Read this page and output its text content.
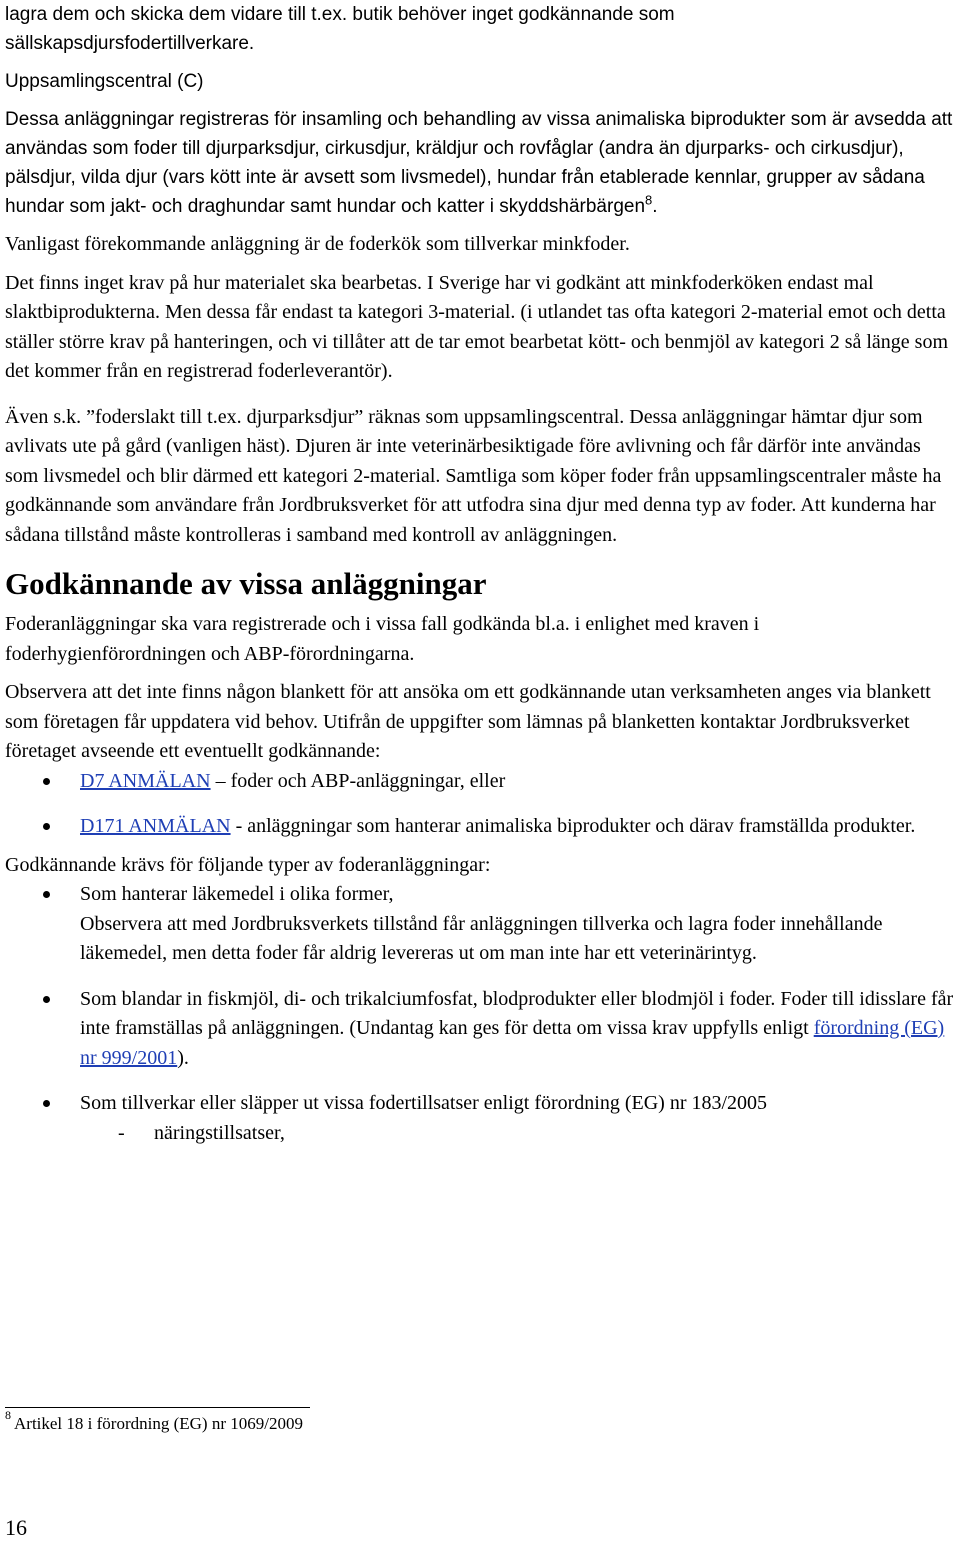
lagra dem och skicka dem vidare till t.ex. butik behöver inget godkännande som

sällskapsdjursfodertillverkare.

Uppsamlingscentral (C)

Dessa anläggningar registreras för insamling och behandling av vissa animaliska biprodukter som är avsedda att användas som foder till djurparksdjur, cirkusdjur, kräldjur och rovfåglar (andra än djurparks- och cirkusdjur), pälsdjur, vilda djur (vars kött inte är avsett som livsmedel), hundar från etablerade kennlar, grupper av sådana hundar som jakt- och draghundar samt hundar och katter i skyddshärbärgen$^8$.

Vanligast förekommande anläggning är de foderkök som tillverkar minkfoder.

Det finns inget krav på hur materialet ska bearbetas. I Sverige har vi godkänt att minkfoderköken endast mal slaktbiprodukterna. Men dessa får endast ta kategori 3-material. (i utlandet tas ofta kategori 2-material emot och detta ställer större krav på hanteringen, och vi tillåter att de tar emot bearbetat kött- och benmjöl av kategori 2 så länge som det kommer från en registrerad foderleverantör).

Även s.k. ”foderslakt till t.ex. djurparksdjur” räknas som uppsamlingscentral. Dessa anläggningar hämtar djur som avlivats ute på gård (vanligen häst). Djuren är inte veterinärbesiktigade före avlivning och får därför inte användas som livsmedel och blir därmed ett kategori 2-material. Samtliga som köper foder från uppsamlingscentraler måste ha godkännande som användare från Jordbruksverket för att utfodra sina djur med denna typ av foder. Att kunderna har sådana tillstånd måste kontrolleras i samband med kontroll av anläggningen.

Godkännande av vissa anläggningar

Foderanläggningar ska vara registrerade och i vissa fall godkända bl.a. i enlighet med kraven i foderhygienförordningen och ABP-förordningarna.

Observera att det inte finns någon blankett för att ansöka om ett godkännande utan verksamheten anges via blankett som företagen får uppdatera vid behov. Utifrån de uppgifter som lämnas på blanketten kontaktar Jordbruksverket företaget avseende ett eventuellt godkännande:

D7 ANMÄLAN – foder och ABP-anläggningar, eller
D171 ANMÄLAN - anläggningar som hanterar animaliska biprodukter och därav framställda produkter.

Godkännande krävs för följande typer av foderanläggningar:

Som hanterar läkemedel i olika former,
Observera att med Jordbruksverkets tillstånd får anläggningen tillverka och lagra foder innehållande läkemedel, men detta foder får aldrig levereras ut om man inte har ett veterinärintyg.
Som blandar in fiskmjöl, di- och trikalciumfosfat, blodprodukter eller blodmjöl i foder. Foder till idisslare får inte framställas på anläggningen. (Undantag kan ges för detta om vissa krav uppfylls enligt förordning (EG) nr 999/2001).
Som tillverkar eller släpper ut vissa fodertillsatser enligt förordning (EG) nr 183/2005
- näringstillsatser,
$^8$ Artikel 18 i förordning (EG) nr 1069/2009
16
